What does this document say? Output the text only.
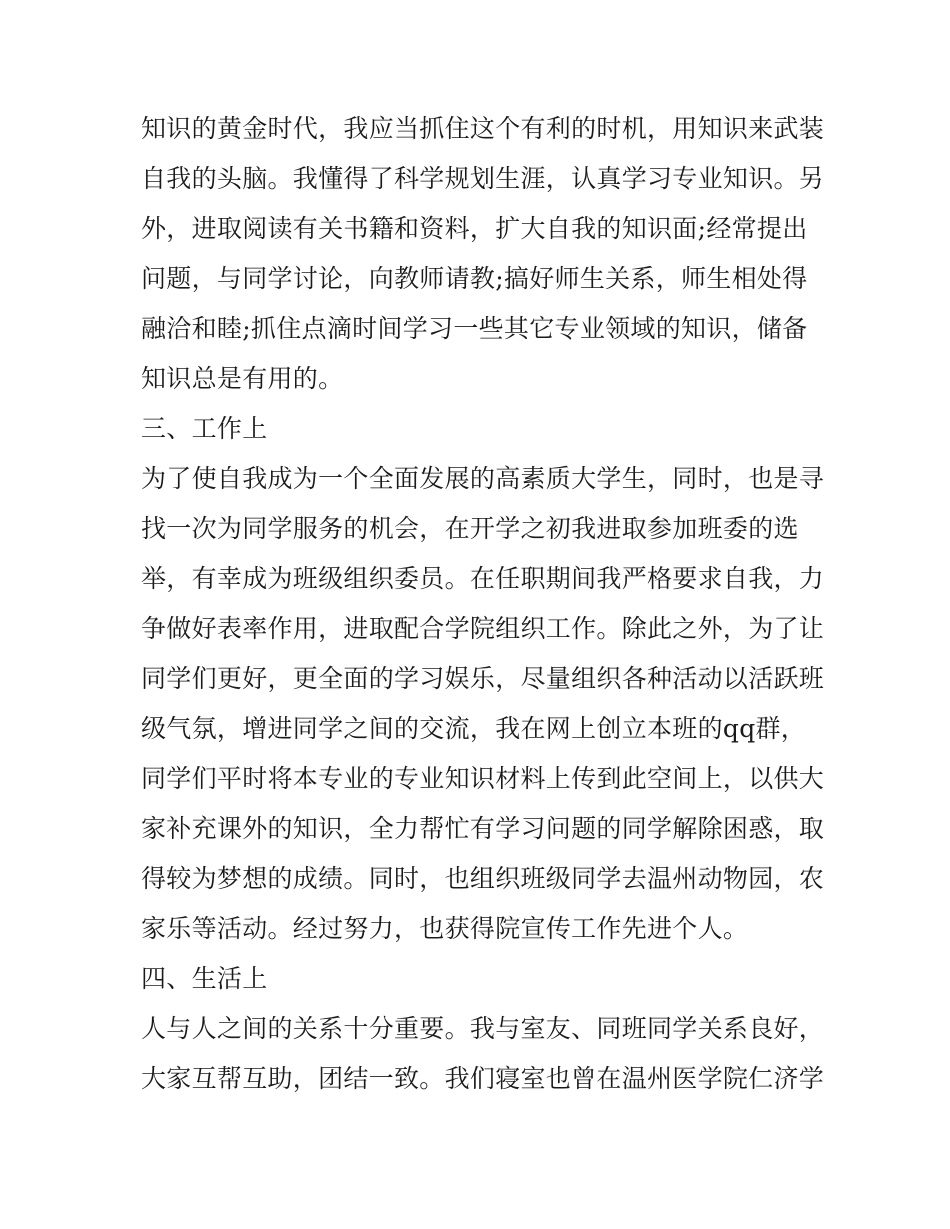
知识的黄金时代，我应当抓住这个有利的时机，用知识来武装
自我的头脑。我懂得了科学规划生涯，认真学习专业知识。另
外，进取阅读有关书籍和资料，扩大自我的知识面;经常提出
问题，与同学讨论，向教师请教;搞好师生关系，师生相处得
融洽和睦;抓住点滴时间学习一些其它专业领域的知识，储备
知识总是有用的。
三、工作上
为了使自我成为一个全面发展的高素质大学生，同时，也是寻
找一次为同学服务的机会，在开学之初我进取参加班委的选
举，有幸成为班级组织委员。在任职期间我严格要求自我，力
争做好表率作用，进取配合学院组织工作。除此之外，为了让
同学们更好，更全面的学习娱乐，尽量组织各种活动以活跃班
级气氛，增进同学之间的交流，我在网上创立本班的qq群，
同学们平时将本专业的专业知识材料上传到此空间上，以供大
家补充课外的知识，全力帮忙有学习问题的同学解除困惑，取
得较为梦想的成绩。同时，也组织班级同学去温州动物园，农
家乐等活动。经过努力，也获得院宣传工作先进个人。
四、生活上
人与人之间的关系十分重要。我与室友、同班同学关系良好，
大家互帮互助，团结一致。我们寝室也曾在温州医学院仁济学
